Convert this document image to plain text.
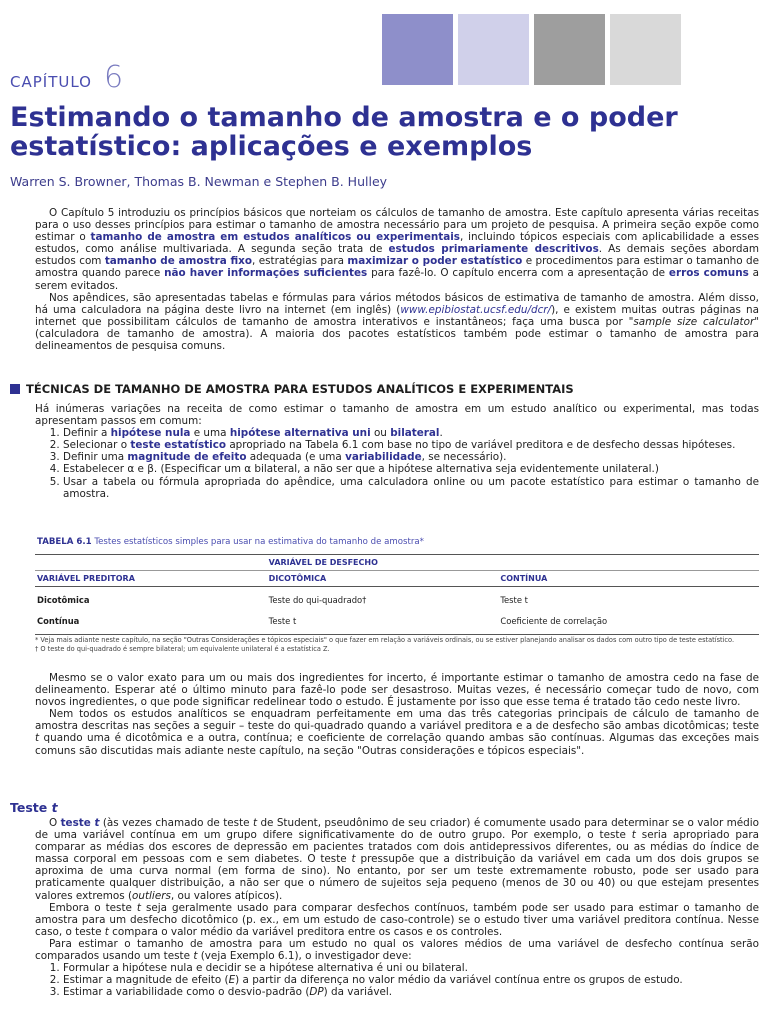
CAPÍTULO 6
Estimando o tamanho de amostra e o poder estatístico: aplicações e exemplos
Warren S. Browner, Thomas B. Newman e Stephen B. Hulley

O Capítulo 5 introduziu os princípios básicos que norteiam os cálculos de tamanho de amostra. Este capítulo apresenta várias receitas para o uso desses princípios para estimar o tamanho de amostra necessário para um projeto de pesquisa. A primeira seção expõe como estimar o tamanho de amostra em estudos analíticos ou experimentais, incluindo tópicos especiais com aplicabilidade a esses estudos, como análise multivariada. A segunda seção trata de estudos primariamente descritivos. As demais seções abordam estudos com tamanho de amostra fixo, estratégias para maximizar o poder estatístico e procedimentos para estimar o tamanho de amostra quando parece não haver informações suficientes para fazê-lo. O capítulo encerra com a apresentação de erros comuns a serem evitados.

Nos apêndices, são apresentadas tabelas e fórmulas para vários métodos básicos de estimativa de tamanho de amostra. Além disso, há uma calculadora na página deste livro na internet (em inglês) (www.epibiostat.ucsf.edu/dcr/), e existem muitas outras páginas na internet que possibilitam cálculos de tamanho de amostra interativos e instantâneos; faça uma busca por "sample size calculator" (calculadora de tamanho de amostra). A maioria dos pacotes estatísticos também pode estimar o tamanho de amostra para delineamentos de pesquisa comuns.

TÉCNICAS DE TAMANHO DE AMOSTRA PARA ESTUDOS ANALÍTICOS E EXPERIMENTAIS

Há inúmeras variações na receita de como estimar o tamanho de amostra em um estudo analítico ou experimental, mas todas apresentam passos em comum:

1. Definir a hipótese nula e uma hipótese alternativa uni ou bilateral.
2. Selecionar o teste estatístico apropriado na Tabela 6.1 com base no tipo de variável preditora e de desfecho dessas hipóteses.
3. Definir uma magnitude de efeito adequada (e uma variabilidade, se necessário).
4. Estabelecer α e β. (Especificar um α bilateral, a não ser que a hipótese alternativa seja evidentemente unilateral.)
5. Usar a tabela ou fórmula apropriada do apêndice, uma calculadora online ou um pacote estatístico para estimar o tamanho de amostra.
TABELA 6.1 Testes estatísticos simples para usar na estimativa do tamanho de amostra*
	VARIÁVEL DE DESFECHO	
VARIÁVEL PREDITORA	DICOTÔMICA	CONTÍNUA
Dicotômica	Teste do qui-quadrado†	Teste t
Contínua	Teste t	Coeficiente de correlação
* Veja mais adiante neste capítulo, na seção "Outras Considerações e tópicos especiais" o que fazer em relação a variáveis ordinais, ou se estiver planejando analisar os dados com outro tipo de teste estatístico.
† O teste do qui-quadrado é sempre bilateral; um equivalente unilateral é a estatística Z.

Mesmo se o valor exato para um ou mais dos ingredientes for incerto, é importante estimar o tamanho de amostra cedo na fase de delineamento. Esperar até o último minuto para fazê-lo pode ser desastroso. Muitas vezes, é necessário começar tudo de novo, com novos ingredientes, o que pode significar redelinear todo o estudo. É justamente por isso que esse tema é tratado tão cedo neste livro.

Nem todos os estudos analíticos se enquadram perfeitamente em uma das três categorias principais de cálculo de tamanho de amostra descritas nas seções a seguir – teste do qui-quadrado quando a variável preditora e a de desfecho são ambas dicotômicas; teste t quando uma é dicotômica e a outra, contínua; e coeficiente de correlação quando ambas são contínuas. Algumas das exceções mais comuns são discutidas mais adiante neste capítulo, na seção "Outras considerações e tópicos especiais".

Teste t

O teste t (às vezes chamado de teste t de Student, pseudônimo de seu criador) é comumente usado para determinar se o valor médio de uma variável contínua em um grupo difere significativamente do de outro grupo. Por exemplo, o teste t seria apropriado para comparar as médias dos escores de depressão em pacientes tratados com dois antidepressivos diferentes, ou as médias do índice de massa corporal em pessoas com e sem diabetes. O teste t pressupõe que a distribuição da variável em cada um dos dois grupos se aproxima de uma curva normal (em forma de sino). No entanto, por ser um teste extremamente robusto, pode ser usado para praticamente qualquer distribuição, a não ser que o número de sujeitos seja pequeno (menos de 30 ou 40) ou que estejam presentes valores extremos (outliers, ou valores atípicos).

Embora o teste t seja geralmente usado para comparar desfechos contínuos, também pode ser usado para estimar o tamanho de amostra para um desfecho dicotômico (p. ex., em um estudo de caso-controle) se o estudo tiver uma variável preditora contínua. Nesse caso, o teste t compara o valor médio da variável preditora entre os casos e os controles.

Para estimar o tamanho de amostra para um estudo no qual os valores médios de uma variável de desfecho contínua serão comparados usando um teste t (veja Exemplo 6.1), o investigador deve:

1. Formular a hipótese nula e decidir se a hipótese alternativa é uni ou bilateral.
2. Estimar a magnitude de efeito (E) a partir da diferença no valor médio da variável contínua entre os grupos de estudo.
3. Estimar a variabilidade como o desvio-padrão (DP) da variável.
